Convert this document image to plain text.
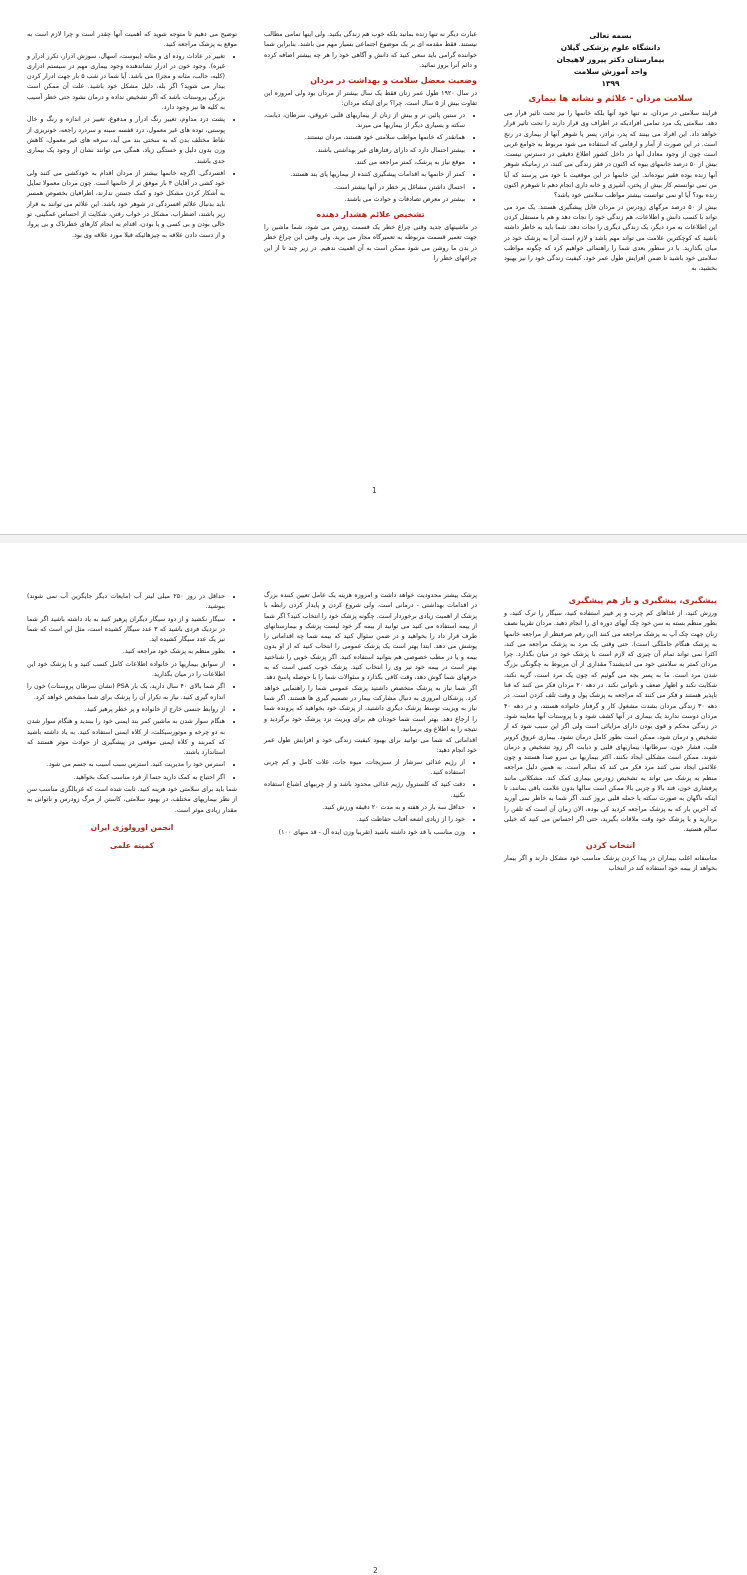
بسمه تعالی
دانشگاه علوم پزشکی گیلان
بیمارستان دکتر پیروز لاهیجان
واحد آموزش سلامت
۱۳۹۹
سلامت مردان - علائم و نشانه ها بیماری

فرایند سلامتی در مردان، نه تنها خود آنها بلکه خانمها را نیز تحت تاثیر قرار می دهد. سلامتی یک مرد تمامی افرادیکه در اطراف وی قرار دارند را تحت تاثیر قرار خواهد داد. این افراد می بینند که پدر، برادر، پسر یا شوهر آنها از بیماری در رنج است. در این صورت از آمار و ارقامی که استفاده می شود مربوط به جوامع غربی است چون از وجود معادل آنها در داخل کشور اطلاع دقیقی در دسترس نیست. بیش از ۵۰ درصد خانمهای بیوه که اکنون در فقر زندگی می کنند، در زمانیکه شوهر آنها زنده بوده فقیر نبوده‌اند. این خانمها در این موقعیت با خود می پرسند که آیا من نمی توانستم کار بیش از پختن، آشپزی و خانه داری انجام دهم تا شوهرم اکنون زنده بود؟ آیا او نمی توانست بیشتر مواظب سلامتی خود باشد؟

بیش از ۵۰ درصد مرگهای زودرس در مردان قابل پیشگیری هستند. یک مرد می تواند با کسب دانش و اطلاعات، هم زندگی خود را نجات دهد و هم با مستقل کردن این اطلاعات به مرد دیگر، یک زندگی دیگری را نجات دهد. شما باید به خاطر داشته باشید که کوچکترین علامت می تواند مهم باشد و لازم است آنرا به پزشک خود در میان بگذارید. با در سطور بعدی شما را راهنمائی خواهیم کرد که چگونه مواظب سلامتی خود باشید تا ضمن افزایش طول عمر خود، کیفیت زندگی خود را نیز بهبود بخشید، به

عبارت دیگر نه تنها زنده بمانید بلکه خوب هم زندگی بکنید. ولی اینها تمامی مطالب نیستند. فقط مقدمه ای بر یک موضوع اجتماعی بسیار مهم می باشند. بنابراین شما خواننده گرامی باید سعی کنید که دانش و آگاهی خود را هر چه بیشتر اضافه کرده و دائم آنرا بروز نمائید.

وضعیت معضل سلامت و بهداشت در مردان

در سال ۱۹۲۰ طول عمر زنان فقط یک سال بیشتر از مردان بود ولی امروزه این تفاوت بیش از ۵ سال است. چرا؟ برای اینکه مردان:

• در سنین پائین تر و بیش از زنان از بیماریهای قلبی عروقی، سرطان، دیابت، سکته و بسیاری دیگر از بیماریها می میرند.
• همانقدر که خانمها مواظب سلامتی خود هستند، مردان نیستند.
• بیشتر احتمال دارد که دارای رفتارهای غیر بهداشتی باشند.
• موقع نیاز به پزشک، کمتر مراجعه می کنند.
• کمتر از خانمها به اقدامات پیشگیری کننده از بیماریها پای بند هستند.
• احتمال داشتن مشاغل پر خطر در آنها بیشتر است.
• بیشتر در معرض تصادفات و حوادث می باشند.
تشخیص علائم هشدار دهنده

در ماشینهای جدید وقتی چراغ خطر یک قسمت روشن می شود، شما ماشین را جهت تعمیر قسمت مربوطه به تعمیرگاه مجاز می برید. ولی وقتی این چراغ خطر در بدن ما روشن می شود ممکن است به آن اهمیت ندهیم. در زیر چند تا از این چراغهای خطر را

توضیح می دهیم تا متوجه شوید که اهمیت آنها چقدر است و چرا لازم است به موقع به پزشک مراجعه کنید.

• تغییر در عادات روده ای و مثانه (یبوست، اسهال، سوزش ادرار، تکرر ادرار و غیره). وجود خون در ادرار نشاندهنده وجود بیماری مهم در سیستم ادراری (کلیه، حالب، مثانه و مجرا) می باشد. آیا شما در شب ۵ بار جهت ادرار کردن بیدار می شوید؟ اگر بله، دلیل مشکل خود باشید. علت آن ممکن است بزرگی پروستات باشد که اگر تشخیص نداده و درمان نشود حتی خطر آسیب به کلیه ها نیز وجود دارد.
• پشت درد مداوم، تغییر رنگ ادرار و مدفوع، تغییر در اندازه و رنگ و خال پوستی، توده های غیر معمول، درد قفسه سینه و سردرد راجعه، خونریزی از نقاط مختلف بدن که به سختی بند می آید، سرفه های غیر معمول، کاهش وزن بدون دلیل و خستگی زیاد، همگی می توانند نشان از وجود یک بیماری جدی باشند.
• افسردگی. اگرچه خانمها بیشتر از مردان اقدام به خودکشی می کنند ولی خود کشی در آقایان ۴ بار موفق تر از خانمها است. چون مردان معمولا تمایل به آشکار کردن مشکل خود و کمک جستن ندارند، اطرافیان بخصوص همسر باید بدنبال علائم افسردگی در شوهر خود باشد. این علائم می توانند به قرار زیر باشند، اضطراب، مشکل در خواب رفتن، شکایت از احساس غمگینی، تو خالی بودن و بی کسی و یا بودن، اقدام به انجام کارهای خطرناک و بی پروا، و از دست دادن علاقه به چیزهائیکه قبلا مورد علاقه وی بود.
1
پیشگیری، پیشگیری و باز هم پیشگیری

ورزش کنید، از غذاهای کم چرب و پر فیبر استفاده کنید، سیگار را ترک کنید، و بطور منظم بسته به سن خود چک آپهای دوره ای را انجام دهید. مردان تقریبا نصف زنان جهت چک آپ به پزشک مراجعه می کنند (این رقم صرفنظر از مراجعه خانمها به پزشک هنگام حاملگی است). حتی وقتی یک مرد به پزشک مراجعه می کند، اکثرا نمی تواند تمام آن چیزی که لازم است با پزشک خود در میان بگذارد. چرا مردان کمتر به سلامتی خود می اندیشند؟ مقداری از آن مربوط به چگونگی بزرگ شدن مرد است. ما به پسر بچه می گوئیم که چون یک مرد است، گریه نکند، شکایت نکند و اظهار ضعف و ناتوانی نکند. در دهه ۲۰ مردان فکر می کنند که فنا ناپذیر هستند و فکر می کنند که مراجعه به پزشک پول و وقت تلف کردن است. در دهه ۳۰ زندگی مردان بشدت مشغول کار و گرفتار خانواده هستند، و در دهه ۴۰ مردان دوست ندارند یک بیماری در آنها کشف شود و یا پروستات آنها معاینه شود. در زندگی محکم و قوی بودن دارای مزایائی است ولی اگر این سبب شود که از تشخیص و درمان شود، ممکن است بطور کامل درمان نشود. بیماری عروق کرونر قلب، فشار خون، سرطانها، بیماریهای قلبی و دیابت اگر زود تشخیص و درمان شوند، ممکن است مشکلی ایجاد نکنند. اکثر بیماریها بی سرو صدا هستند و چون علائمی ایجاد نمی کنند مرد فکر می کند که سالم است. به همین دلیل مراجعه منظم به پزشک می تواند به تشخیص زودرس بیماری کمک کند. مشکلاتی مانند پرفشاری خون، قند بالا و چربی بالا ممکن است سالها بدون علامت باقی بمانند، تا اینکه ناگهان به صورت سکته یا حمله قلبی بروز کنند. اگر شما به خاطر نمی آورید که آخرین بار که به پزشک مراجعه کردید کی بوده، الان زمان آن است که تلفن را بردارید و با پزشک خود وقت ملاقات بگیرید، حتی اگر احساس می کنید که خیلی سالم هستید.

انتخاب کردن

متاسفانه اغلب بیماران در پیدا کردن پزشک مناسب خود مشکل دارند و اگر بیمار بخواهد از بیمه خود استفاده کند در انتخاب

پزشک بیشتر محدودیت خواهد داشت و امروزه هزینه یک عامل تعیین کننده بزرگ در اقدامات بهداشتی - درمانی است. ولی شروع کردن و پایدار کردن رابطه با پزشک از اهمیت زیادی برخوردار است. چگونه پزشک خود را انتخاب کنید؟ اگر شما از بیمه استفاده می کنید می توانید از بیمه گر خود لیست پزشک و بیمارستانهای طرف قرار داد را بخواهید و در ضمن سئوال کنید که بیمه شما چه اقداماتی را پوشش می دهد. ابتدا بهتر است یک پزشک عمومی را انتخاب کنید که از او بدون بیمه و یا در مطب خصوصی هم بتوانید استفاده کنید. اگر پزشک خوبی را شناختید بهتر است در بیمه خود نیز وی را انتخاب کنید. پزشک خوب کسی است که به حرفهای شما گوش دهد، وقت کافی بگذارد و سئوالات شما را با حوصله پاسخ دهد. اگر شما نیاز به پزشک متخصص داشتید پزشک عمومی شما را راهنمایی خواهد کرد. پزشکان امروزی به دنبال مشارکت بیمار در تصمیم گیری ها هستند. اگر شما نیاز به ویزیت توسط پزشک دیگری داشتید، از پزشک خود بخواهید که پرونده شما را ارجاع دهد. بهتر است شما خودتان هم برای ویزیت نزد پزشک خود برگردید و نتیجه را به اطلاع وی برسانید.

اقداماتی که شما می توانید برای بهبود کیفیت زندگی خود و افزایش طول عمر خود انجام دهید:

• از رژیم غذائی سرشار از سبزیجات، میوه جات، غلات کامل و کم چربی استفاده کنید.
• دقت کنید که کلسترول رژیم غذائی محدود باشد و از چربیهای اشباع استفاده نکنید.
• حداقل سه بار در هفته و به مدت ۲۰ دقیقه ورزش کنید.
• خود را از زیادی اشعه آفتاب حفاظت کنید.
• وزن مناسب با قد خود داشته باشید (تقریبا وزن ایده آل - قد منهای ۱۰۰)
• حداقل در روز ۲۵۰ میلی لیتر آب (مایعات دیگر جایگزین آب نمی شوند) بنوشید.
• سیگار نکشید و از دود سیگار دیگران پرهیز کنید به یاد داشته باشید اگر شما در نزدیک فردی باشید که ۳ عدد سیگار کشیده است، مثل این است که شما نیز یک عدد سیگار کشیده اید.
• بطور منظم به پزشک خود مراجعه کنید.
• از سوابق بیماریها در خانواده اطلاعات کامل کسب کنید و با پزشک خود این اطلاعات را در میان بگذارید.
• اگر شما بالای ۴۰ سال دارید، یک بار PSA (نشان سرطان پروستات) خون را اندازه گیری کنید. نیاز به تکرار آن را پزشک برای شما مشخص خواهد کرد.
• از روابط جنسی خارج از خانواده و پر خطر پرهیز کنید.
• هنگام سوار شدن به ماشین کمر بند ایمنی خود را ببندید و هنگام سوار شدن به دو چرخه و موتورسیکلت، از کلاه ایمنی استفاده کنید. به یاد داشته باشید که کمربند و کلاه ایمنی موقعی در پیشگیری از حوادث موثر هستند که استاندارد باشند.
• استرس خود را مدیریت کنید. استرس سبب آسیب به جسم می شود.
• اگر احتیاج به کمک دارید حتما از فرد مناسب کمک بخواهید.

شما باید برای سلامتی خود هزینه کنید. ثابت شده است که غربالگری مناسب سن از نظر بیماریهای مختلف، در بهبود سلامتی، کاستن از مرگ زودرس و ناتوانی به مقدار زیادی موثر است.

انجمن اورولوژی ایران
کمیته علمی
2
